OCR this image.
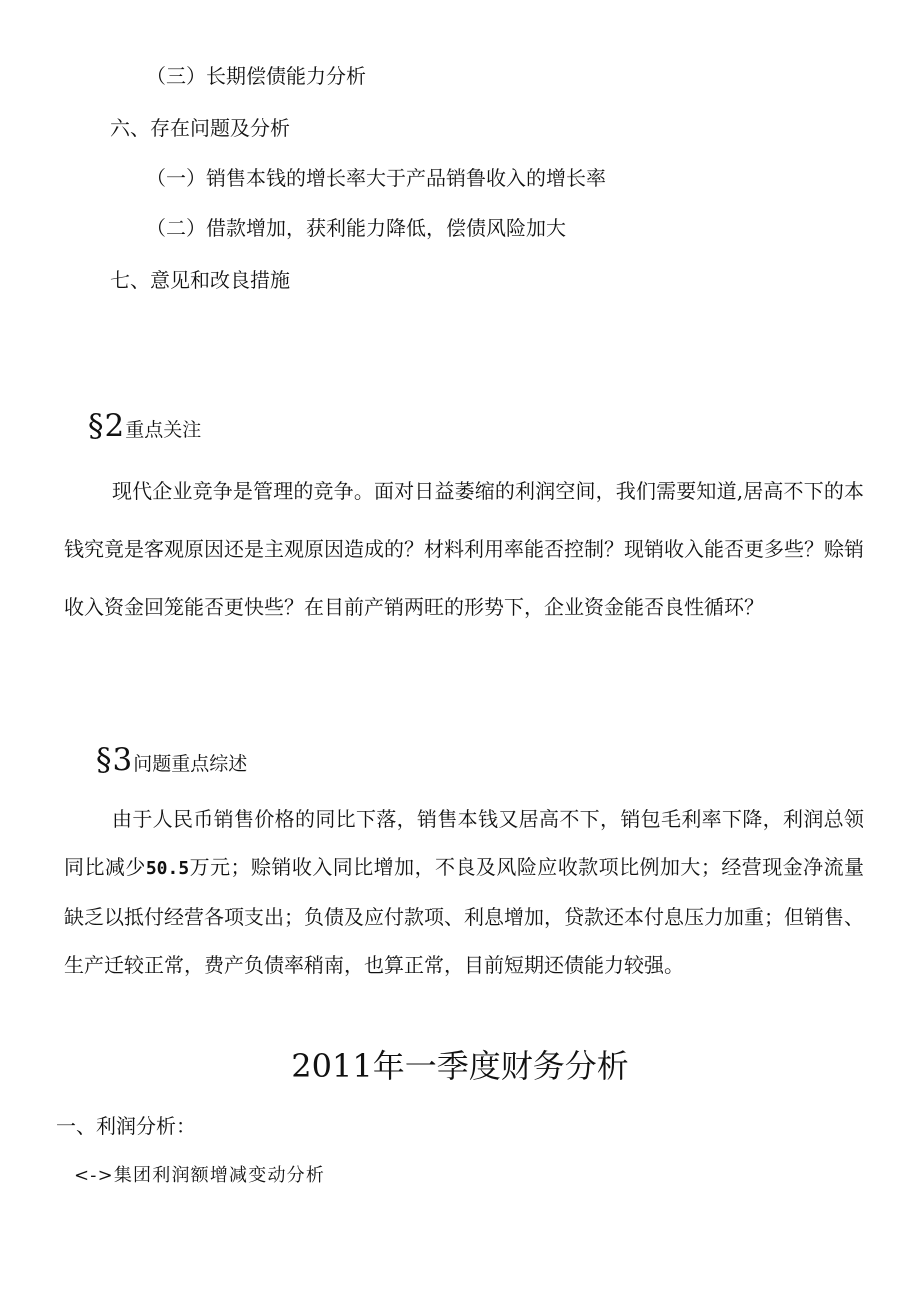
（三）长期偿债能力分析
六、存在问题及分析
（一）销售本钱的增长率大于产品销鲁收入的增长率
（二）借款增加，获利能力降低，偿债风险加大
七、意见和改良措施
§2重点关注
现代企业竞争是管理的竞争。面对日益萎缩的利润空间，我们需要知道,居高不下的本钱究竟是客观原因还是主观原因造成的？材料利用率能否控制？现销收入能否更多些？赊销收入资金回笼能否更快些？在目前产销两旺的形势下，企业资金能否良性循环？
§3问题重点综述
由于人民币销售价格的同比下落，销售本钱又居高不下，销包毛利率下降，利润总领同比减少50.5万元；赊销收入同比增加，不良及风险应收款项比例加大；经营现金净流量缺乏以抵付经营各项支出；负债及应付款项、利息增加，贷款还本付息压力加重；但销售、生产迁较正常，费产负债率稍南，也算正常，目前短期还债能力较强。
2011年一季度财务分析
一、利润分析：
<->集团利润额增减变动分析
